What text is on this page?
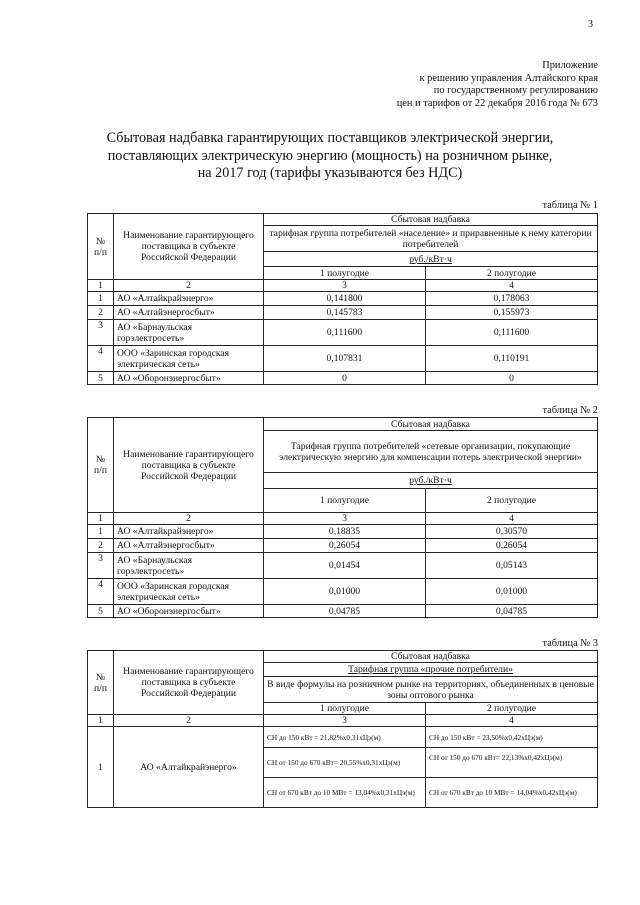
3
Приложение
к решению управления Алтайского края
по государственному регулированию
цен и тарифов от 22 декабря 2016 года № 673
Сбытовая надбавка гарантирующих поставщиков электрической энергии,
поставляющих электрическую энергию (мощность) на розничном рынке,
на 2017 год (тарифы указываются без НДС)
таблица № 1
№ п/п	Наименование гарантирующего поставщика в субъекте Российской Федерации	Сбытовая надбавка	
		тарифная группа потребителей «население» и приравненные к нему категории потребителей	
		руб./кВт·ч	
		1 полугодие	2 полугодие
1	2	3	4
1	АО «Алтайкрайэнерго»	0,141800	0,178063
2	АО «Алтайэнергосбыт»	0,145783	0,155973
3	АО «Барнаульская горэлектросеть»	0,111600	0,111600
4	ООО «Заринская городская электрическая сеть»	0,107831	0,110191
5	АО «Оборонэнергосбыт»	0	0
таблица № 2
№ п/п	Наименование гарантирующего поставщика в субъекте Российской Федерации	Сбытовая надбавка	
		Тарифная группа потребителей «сетевые организации, покупающие электрическую энергию для компенсации потерь электрической энергии»	
		руб./кВт·ч	
		1 полугодие	2 полугодие
1	2	3	4
1	АО «Алтайкрайэнерго»	0,18835	0,30570
2	АО «Алтайэнергосбыт»	0,26054	0,26054
3	АО «Барнаульская горэлектросеть»	0,01454	0,05143
4	ООО «Заринская городская электрическая сеть»	0,01000	0,01000
5	АО «Оборонэнергосбыт»	0,04785	0,04785
таблица № 3
№ п/п	Наименование гарантирующего поставщика в субъекте Российской Федерации	Сбытовая надбавка	
		Тарифная группа «прочие потребители»	
		В виде формулы на розничном рынке на территориях, объединенных в ценовые зоны оптового рынка	
		1 полугодие	2 полугодие
1	2	3	4
1	АО «Алтайкрайэнерго»	СН до 150 кВт = 21,82%х0,31хЦэ(м)	СН до 150 кВт = 23,50%х0,42хЦэ(м)
		СН от 150 до 670 кВт= 20,55%х0,31хЦэ(м)	СН от 150 до 670 кВт= 22,13%х0,42хЦэ(м)
		СН от 670 кВт до 10 МВт = 13,04%х0,31хЦэ(м)	СН от 670 кВт до 10 МВт = 14,04%х0,42хЦэ(м)
